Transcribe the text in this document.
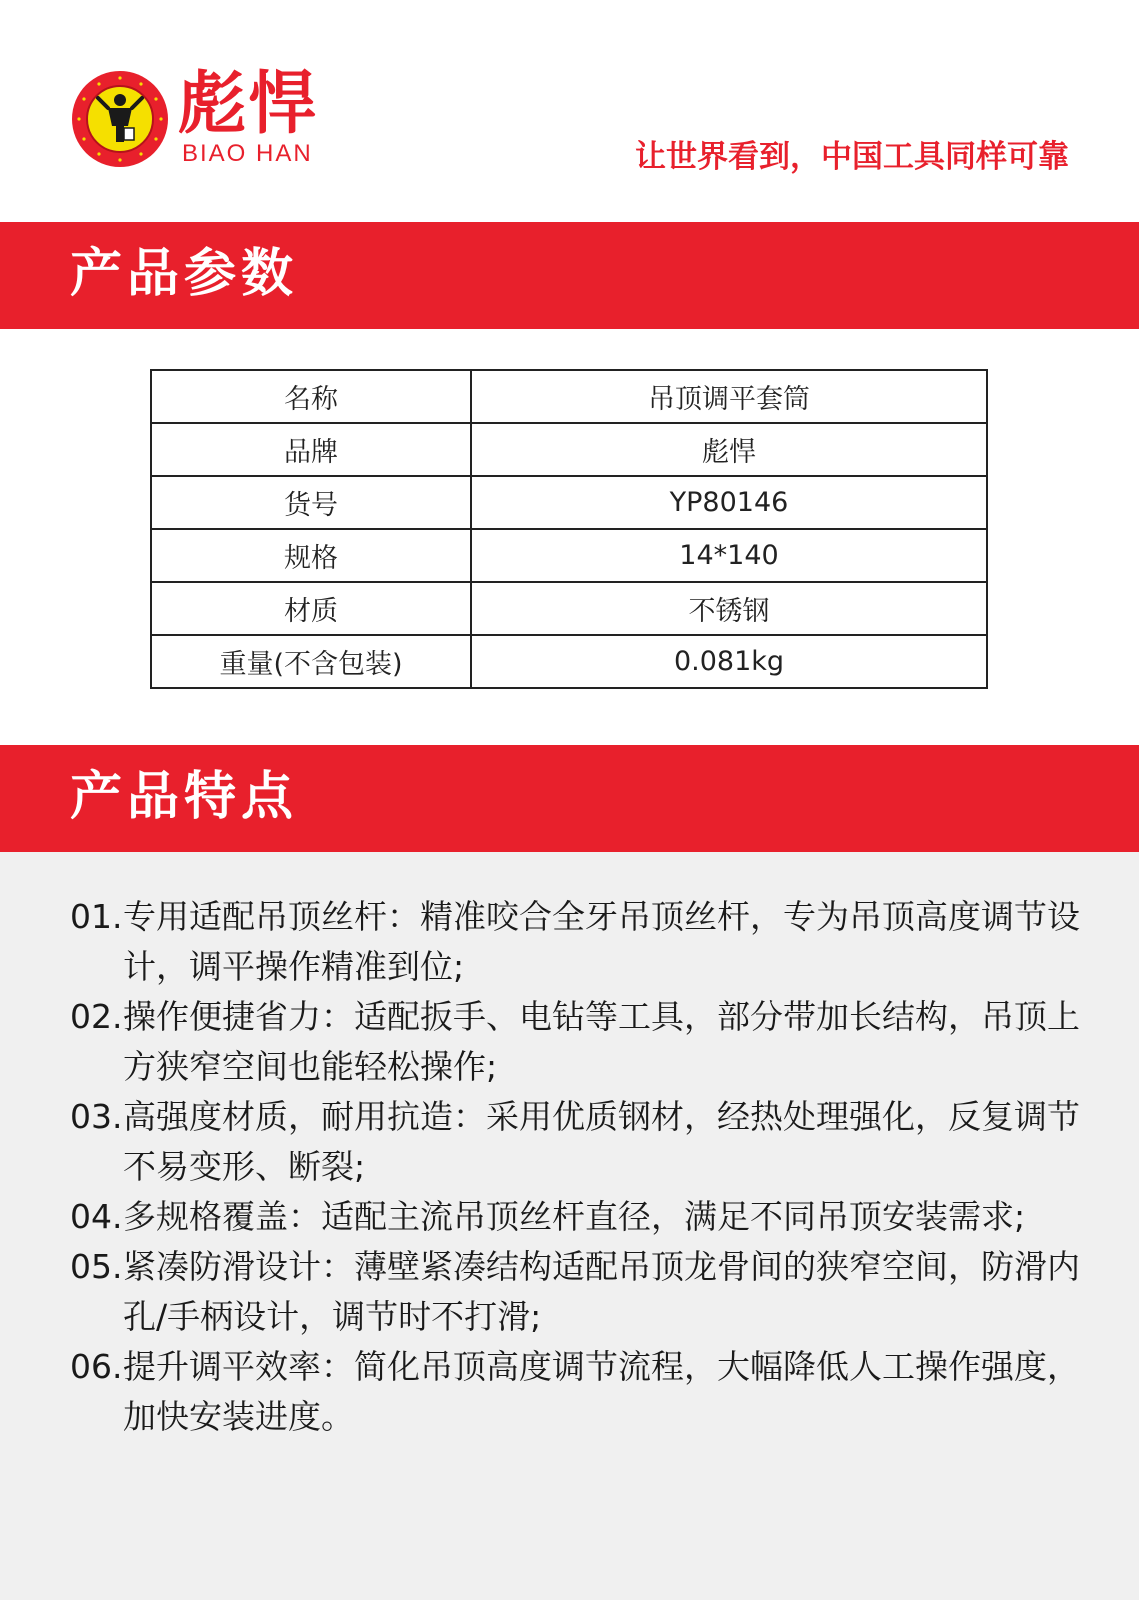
彪悍
BIAO HAN	让世界看到，中国工具同样可靠
产品参数
名称	吊顶调平套筒
品牌	彪悍
货号	YP80146
规格	14*140
材质	不锈钢
重量(不含包装)	0.081kg
产品特点
01. 专用适配吊顶丝杆：精准咬合全牙吊顶丝杆，专为吊顶高度调节设计，调平操作精准到位;
02. 操作便捷省力：适配扳手、电钻等工具，部分带加长结构，吊顶上方狭窄空间也能轻松操作;
03. 高强度材质，耐用抗造：采用优质钢材，经热处理强化，反复调节不易变形、断裂;
04. 多规格覆盖：适配主流吊顶丝杆直径，满足不同吊顶安装需求;
05. 紧凑防滑设计：薄壁紧凑结构适配吊顶龙骨间的狭窄空间，防滑内孔/手柄设计，调节时不打滑;
06. 提升调平效率：简化吊顶高度调节流程，大幅降低人工操作强度，加快安装进度。
